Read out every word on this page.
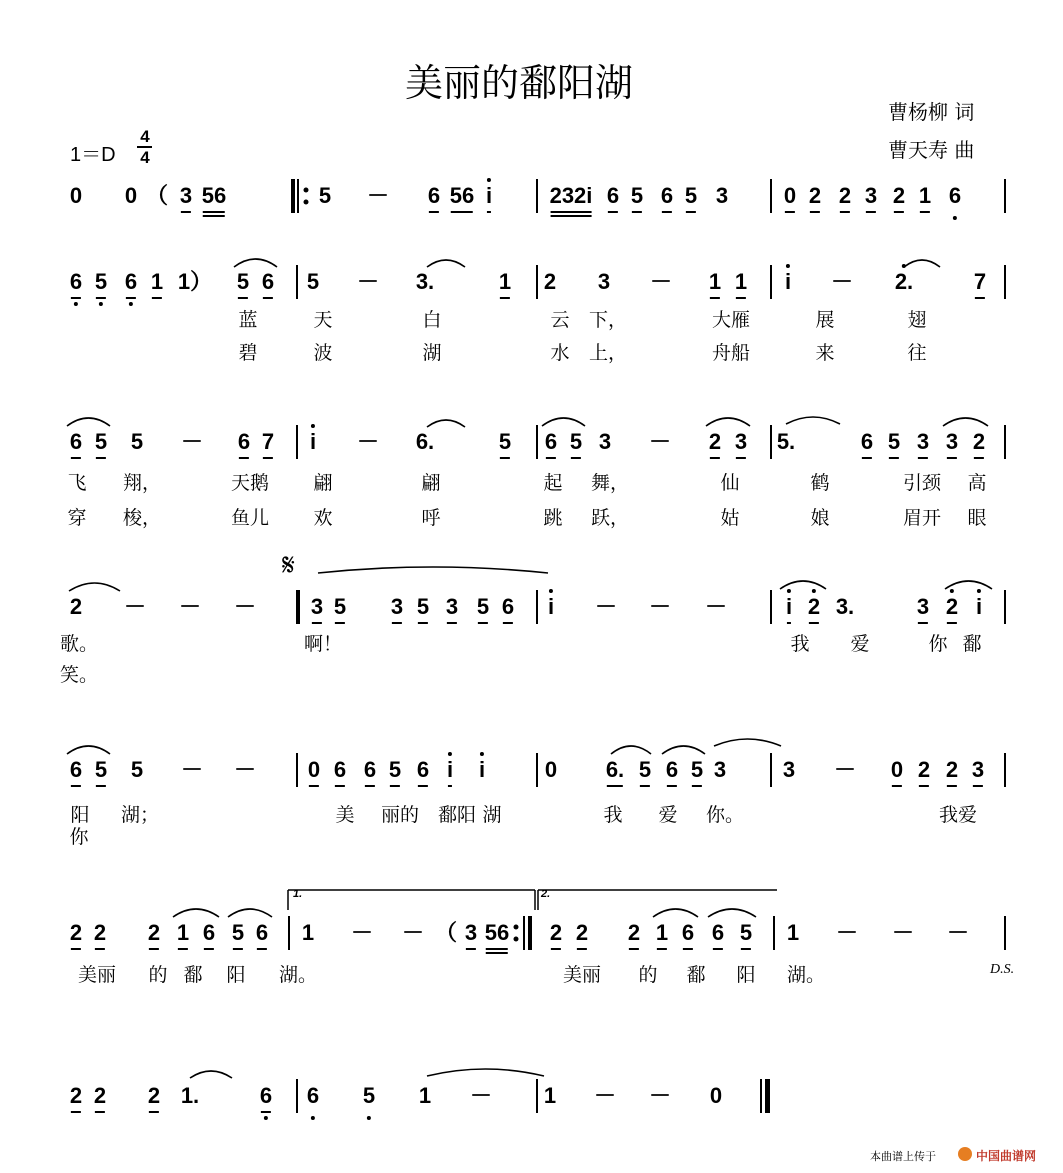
美丽的鄱阳湖
曹杨柳 词
曹天寿 曲
1＝D
4
4
0 0 （ 3 56	5 － 6 56 i	232i 6 5 6 5 3	0 2 2 3 2 1 6
6 5 6 1 1） 5 6 5 － 3.	1 2 3 － 1 1 i － 2.	7
蓝	天	白	云 下，	大雁	展	翅
碧	波	湖	水 上，	舟船	来	往
6 5 5 － 6 7 i － 6.	5 6 5 3 － 2 3 5.	6 5 3 3 2
飞 翔，	天鹅 翩	翩	起 舞，	仙	鹤	引颈 高
穿 梭，	鱼儿 欢	呼	跳 跃，	姑	娘	眉开 眼
2 － － － 3 5 3 5 3 5 6 i － － －	i 2 3.	3 2 i
歌。	啊！	我 爱	你 鄱
笑。
6 5 5 － － 0 6 6 5 6 i i	0 6. 5 6 5 3	3 － 0 2 2 3
阳 湖；	美 丽的 鄱阳 湖	我 爱 你。	我爱
你
2 2 2 1 6 5 6 1 － － （ 3 56 2 2 2 1 6 6 5 1 － － －
美丽 的 鄱 阳 湖。	美丽 的 鄱 阳 湖。
2 2 2 1.	6 6 5 1 － 1 － － 0
𝄋
1.	2.
D.S.
本曲谱上传于	中国曲谱网
